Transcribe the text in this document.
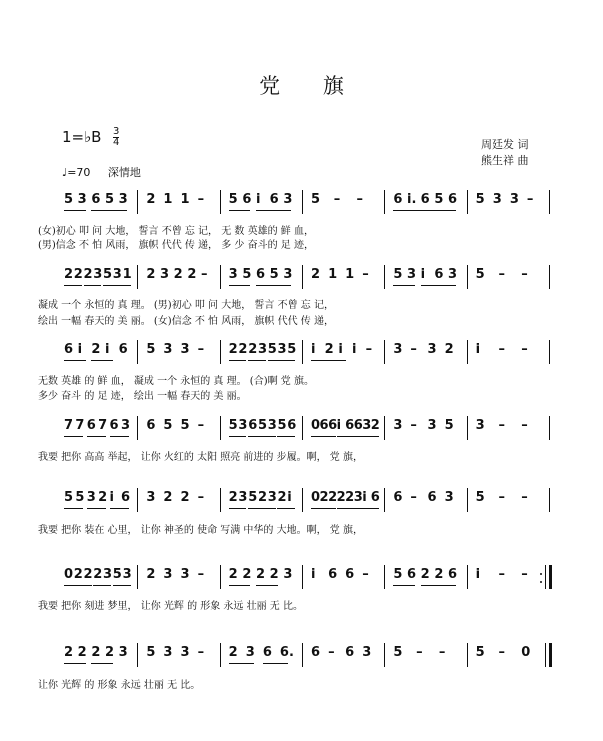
党 旗
1=♭B 3
4
♩=70 深情地
周廷发 词
熊生祥 曲
5 3 6 5 3 2 1 1 – 5 6 i 6 3 5 – – 6 i. 6 5 6 5 3 3 –
(女)初心 叩 问 大地， 誓言 不曾 忘 记， 无 数 英雄的 鲜 血，
(男)信念 不 怕 风雨， 旗帜 代代 传 递， 多 少 奋斗的 足 迹，
2 2 2 3 5 3 1 2 3 2 2 – 3 5 6 5 3 2 1 1 – 5 3 i 6 3 5 – –
凝成 一个 永恒的 真 理。 (男)初心 叩 问 大地， 誓言 不曾 忘 记，
绘出 一幅 春天的 美 丽。 (女)信念 不 怕 风雨， 旗帜 代代 传 递，
6 i 2 i 6 5 3 3 – 2 2 2 3 5 3 5 i 2 i i – 3 – 3 2 i – –
无数 英雄 的 鲜 血， 凝成 一个 永恒的 真 理。 (合)啊 党 旗。
多少 奋斗 的 足 迹， 绘出 一幅 春天的 美 丽。
7 7 6 7 6 3 6 5 5 – 5 3 6 5 3 5 6 0 6 6 i 6 6 3 2 3 – 3 5 3 – –
我要 把你 高高 举起， 让你 火红的 太阳 照亮 前进的 步履。啊， 党 旗，
5 5 3 2 i 6 3 2 2 – 2 3 5 2 3 2 i 0 2 2 2 2 3 i 6 6 – 6 3 5 – –
我要 把你 装在 心里， 让你 神圣的 使命 写满 中华的 大地。啊， 党 旗，
0 2 2 2 3 5 3 2 3 3 – 2 2 2 2 3 i 6 6 – 5 6 2 2 6 i – –
我要 把你 刻进 梦里， 让你 光辉 的 形象 永远 壮丽 无 比。
2 2 2 2 3 5 3 3 – 2 3 6 6. 6 – 6 3 5 – – 5 – 0
让你 光辉 的 形象 永远 壮丽 无 比。
